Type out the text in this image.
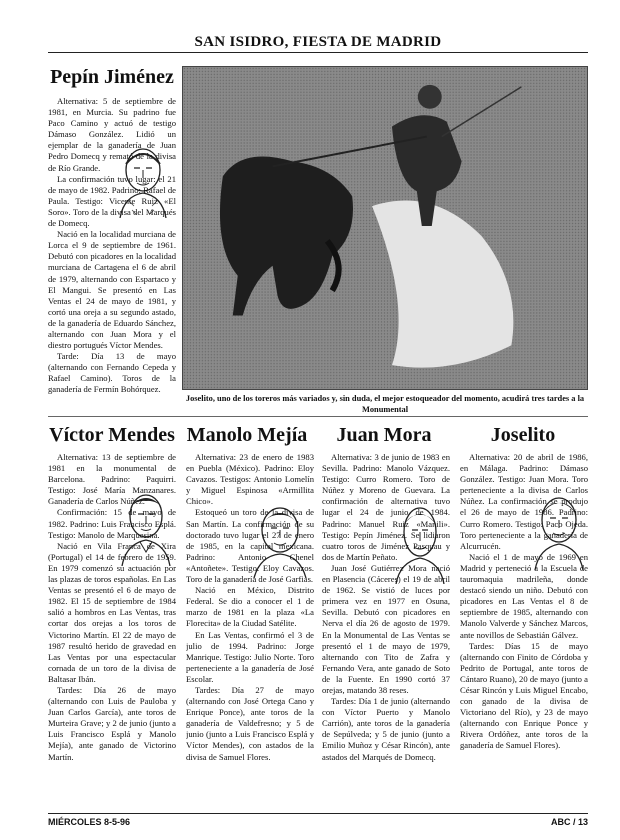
SAN ISIDRO, FIESTA DE MADRID
Pepín Jiménez

Alternativa: 5 de septiembre de 1981, en Murcia. Su padrino fue Paco Camino y actuó de testigo Dámaso González. Lidió un ejemplar de la ganadería de Juan Pedro Domecq y remató de la divisa de Río Grande.

La confirmación tuvo lugar: el 21 de mayo de 1982. Padrino: Rafael de Paula. Testigo: Vicente Ruiz «El Soro». Toro de la divisa del Marqués de Domecq.

Nació en la localidad murciana de Lorca el 9 de septiembre de 1961. Debutó con picadores en la localidad murciana de Cartagena el 6 de abril de 1979, alternando con Espartaco y El Mangui. Se presentó en Las Ventas el 24 de mayo de 1981, y cortó una oreja a su segundo astado, de la ganadería de Eduardo Sánchez, alternando con Juan Mora y el diestro portugués Víctor Mendes.

Tarde: Día 13 de mayo (alternando con Fernando Cepeda y Rafael Camino). Toros de la ganadería de Fermín Bohórquez.

Joselito, uno de los toreros más variados y, sin duda, el mejor estoqueador del momento, acudirá tres tardes a la Monumental
Víctor Mendes

Alternativa: 13 de septiembre de 1981 en la monumental de Barcelona. Padrino: Paquirri. Testigo: José María Manzanares. Ganadería de Carlos Núñez.

Confirmación: 15 de mayo de 1982. Padrino: Luis Francisco Esplá. Testigo: Manolo de Marquesina.

Nació en Vila Franca de Xira (Portugal) el 14 de febrero de 1959. En 1979 comenzó su actuación por las plazas de toros españolas. En Las Ventas se presentó el 6 de mayo de 1982. El 15 de septiembre de 1984 salió a hombros en Las Ventas, tras cortar dos orejas a los toros de Victorino Martín. El 22 de mayo de 1987 resultó herido de gravedad en Las Ventas por una espectacular cornada de un toro de la divisa de Baltasar Ibán.

Tardes: Día 26 de mayo (alternando con Luis de Pauloba y Juan Carlos García), ante toros de Murteira Grave; y 2 de junio (junto a Luis Francisco Esplá y Manolo Mejía), ante ganado de Victorino Martín.

Manolo Mejía

Alternativa: 23 de enero de 1983 en Puebla (México). Padrino: Eloy Cavazos. Testigos: Antonio Lomelín y Miguel Espinosa «Armillita Chico».

Estoqueó un toro de la divisa de San Martín. La confirmación de su doctorado tuvo lugar el 27 de enero de 1985, en la capital mexicana. Padrino: Antonio Chenel «Antoñete». Testigo: Eloy Cavazos. Toro de la ganadería de José Garfias.

Nació en México, Distrito Federal. Se dio a conocer el 1 de marzo de 1981 en la plaza «La Florecita» de la Ciudad Satélite.

En Las Ventas, confirmó el 3 de julio de 1994. Padrino: Jorge Manrique. Testigo: Julio Norte. Toro perteneciente a la ganadería de José Escolar.

Tardes: Día 27 de mayo (alternando con José Ortega Cano y Enrique Ponce), ante toros de la ganadería de Valdefresno; y 5 de junio (junto a Luis Francisco Esplá y Víctor Mendes), con astados de la divisa de Samuel Flores.

Juan Mora

Alternativa: 3 de junio de 1983 en Sevilla. Padrino: Manolo Vázquez. Testigo: Curro Romero. Toro de Núñez y Moreno de Guevara. La confirmación de alternativa tuvo lugar el 24 de junio de 1984. Padrino: Manuel Ruiz «Manili». Testigo: Pepín Jiménez. Se lidiaron cuatro toros de Jiménez Pasquau y dos de Martín Peñato.

Juan José Gutiérrez Mora nació en Plasencia (Cáceres) el 19 de abril de 1962. Se vistió de luces por primera vez en 1977 en Osuna, Sevilla. Debutó con picadores en Nerva el día 26 de agosto de 1979. En la Monumental de Las Ventas se presentó el 1 de mayo de 1979, alternando con Tito de Zafra y Fernando Vera, ante ganado de Soto de la Fuente. En 1990 cortó 37 orejas, matando 38 reses.

Tardes: Día 1 de junio (alternando con Víctor Puerto y Manolo Carrión), ante toros de la ganadería de Sepúlveda; y 5 de junio (junto a Emilio Muñoz y César Rincón), ante astados del Marqués de Domecq.

Joselito

Alternativa: 20 de abril de 1986, en Málaga. Padrino: Dámaso González. Testigo: Juan Mora. Toro perteneciente a la divisa de Carlos Núñez. La confirmación se produjo el 26 de mayo de 1986. Padrino: Curro Romero. Testigo: Paco Ojeda. Toro perteneciente a la ganadería de Alcurrucén.

Nació el 1 de mayo de 1969 en Madrid y perteneció a la Escuela de tauromaquia madrileña, donde destacó siendo un niño. Debutó con picadores en Las Ventas el 8 de septiembre de 1985, alternando con Manolo Valverde y Sánchez Marcos, ante novillos de Sebastián Gálvez.

Tardes: Días 15 de mayo (alternando con Finito de Córdoba y Pedrito de Portugal, ante toros de Cántaro Ruano), 20 de mayo (junto a César Rincón y Luis Miguel Encabo, con ganado de la divisa de Victoriano del Río), y 23 de mayo (alternando con Enrique Ponce y Rivera Ordóñez, ante toros de la ganadería de Samuel Flores).

MIÉRCOLES 8-5-96	ABC / 13
